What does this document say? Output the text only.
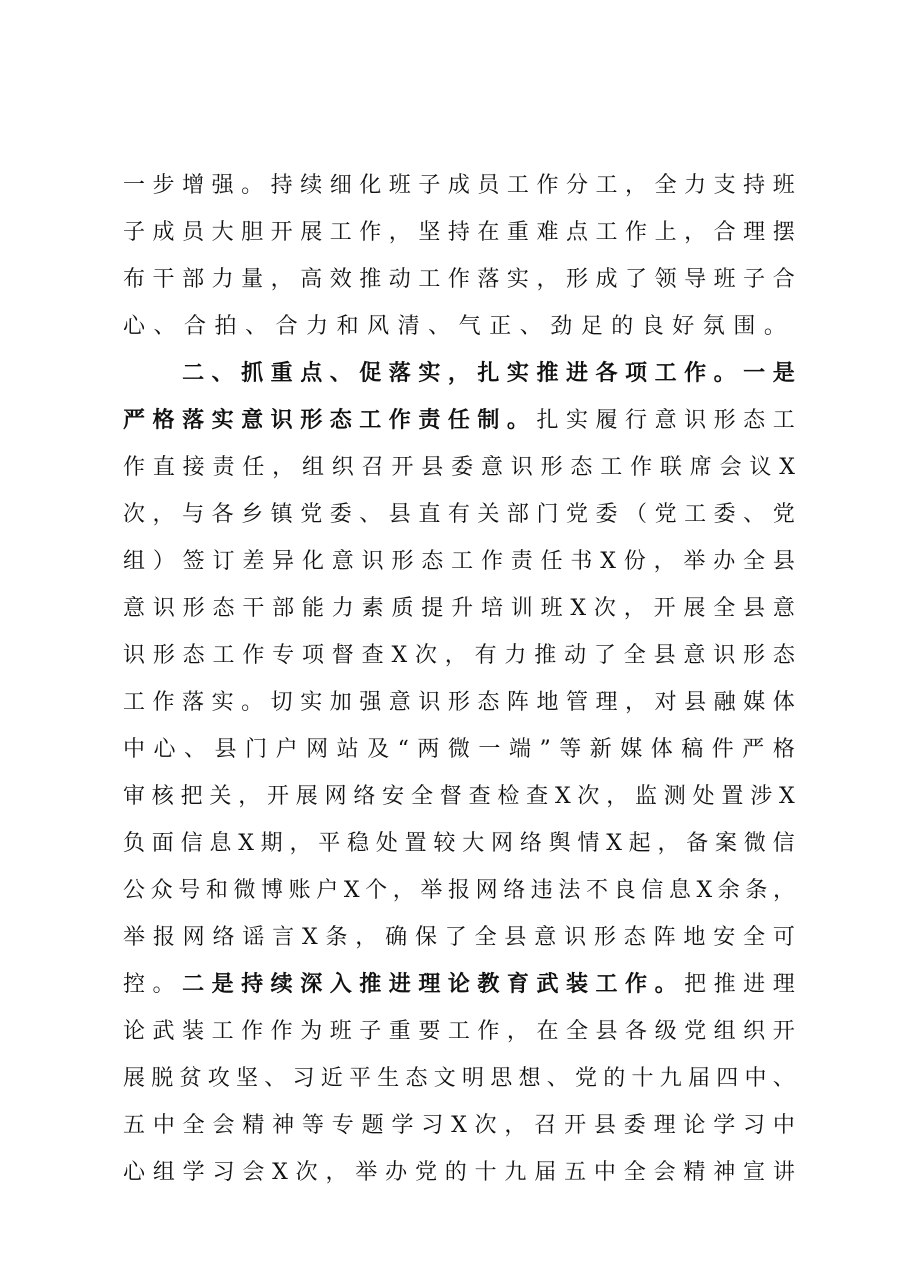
一 步 增 强 。 持 续 细 化 班 子 成 员 工 作 分 工 ， 全 力 支 持 班
子 成 员 大 胆 开 展 工 作 ， 坚 持 在 重 难 点 工 作 上 ， 合 理 摆
布 干 部 力 量 ， 高 效 推 动 工 作 落 实 ， 形 成 了 领 导 班 子 合
心 、 合 拍 、 合 力 和 风 清 、 气 正 、 劲 足 的 良 好 氛 围 。

二 、 抓 重 点 、 促 落 实 ， 扎 实 推 进 各 项 工 作 。 一 是
严 格 落 实 意 识 形 态 工 作 责 任 制 。 扎 实 履 行 意 识 形 态 工
作 直 接 责 任 ， 组 织 召 开 县 委 意 识 形 态 工 作 联 席 会 议 X
次 ， 与 各 乡 镇 党 委 、 县 直 有 关 部 门 党 委 （ 党 工 委 、 党
组 ） 签 订 差 异 化 意 识 形 态 工 作 责 任 书 X 份 ， 举 办 全 县
意 识 形 态 干 部 能 力 素 质 提 升 培 训 班 X 次 ， 开 展 全 县 意
识 形 态 工 作 专 项 督 查 X 次 ， 有 力 推 动 了 全 县 意 识 形 态
工 作 落 实 。 切 实 加 强 意 识 形 态 阵 地 管 理 ， 对 县 融 媒 体
中 心 、 县 门 户 网 站 及 “ 两 微 一 端 ” 等 新 媒 体 稿 件 严 格
审 核 把 关 ， 开 展 网 络 安 全 督 查 检 查 X 次 ， 监 测 处 置 涉 X
负 面 信 息 X 期 ， 平 稳 处 置 较 大 网 络 舆 情 X 起 ， 备 案 微 信
公 众 号 和 微 博 账 户 X 个 ， 举 报 网 络 违 法 不 良 信 息 X 余 条 ，
举 报 网 络 谣 言 X 条 ， 确 保 了 全 县 意 识 形 态 阵 地 安 全 可
控 。 二 是 持 续 深 入 推 进 理 论 教 育 武 装 工 作 。 把 推 进 理
论 武 装 工 作 作 为 班 子 重 要 工 作 ， 在 全 县 各 级 党 组 织 开
展 脱 贫 攻 坚 、 习 近 平 生 态 文 明 思 想 、 党 的 十 九 届 四 中 、
五 中 全 会 精 神 等 专 题 学 习 X 次 ， 召 开 县 委 理 论 学 习 中
心 组 学 习 会 X 次 ， 举 办 党 的 十 九 届 五 中 全 会 精 神 宣 讲
